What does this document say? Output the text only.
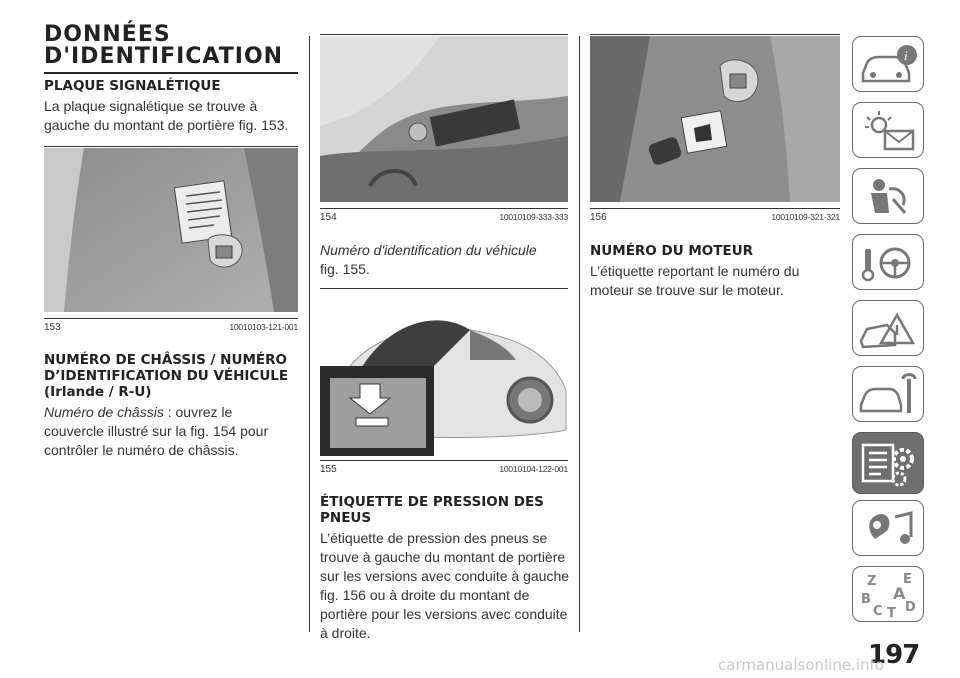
DONNÉES
D'IDENTIFICATION
PLAQUE SIGNALÉTIQUE

La plaque signalétique se trouve à

gauche du montant de portière fig. 153.

153	10010103-121-001
NUMÉRO DE CHÂSSIS / NUMÉRO
D’IDENTIFICATION DU VÉHICULE
(Irlande / R-U)

Numéro de châssis : ouvrez le

couvercle illustré sur la fig. 154 pour

contrôler le numéro de châssis.

154	10010109-333-333

Numéro d'identification du véhicule

fig. 155.

155	10010104-122-001
ÉTIQUETTE DE PRESSION DES
PNEUS

L’étiquette de pression des pneus se

trouve à gauche du montant de portière

sur les versions avec conduite à gauche

fig. 156 ou à droite du montant de

portière pour les versions avec conduite

à droite.

156	10010109-321-321
NUMÉRO DU MOTEUR

L’étiquette reportant le numéro du

moteur se trouve sur le moteur.

i
Z E
B A
C T D
197
carmanualsonline.info
